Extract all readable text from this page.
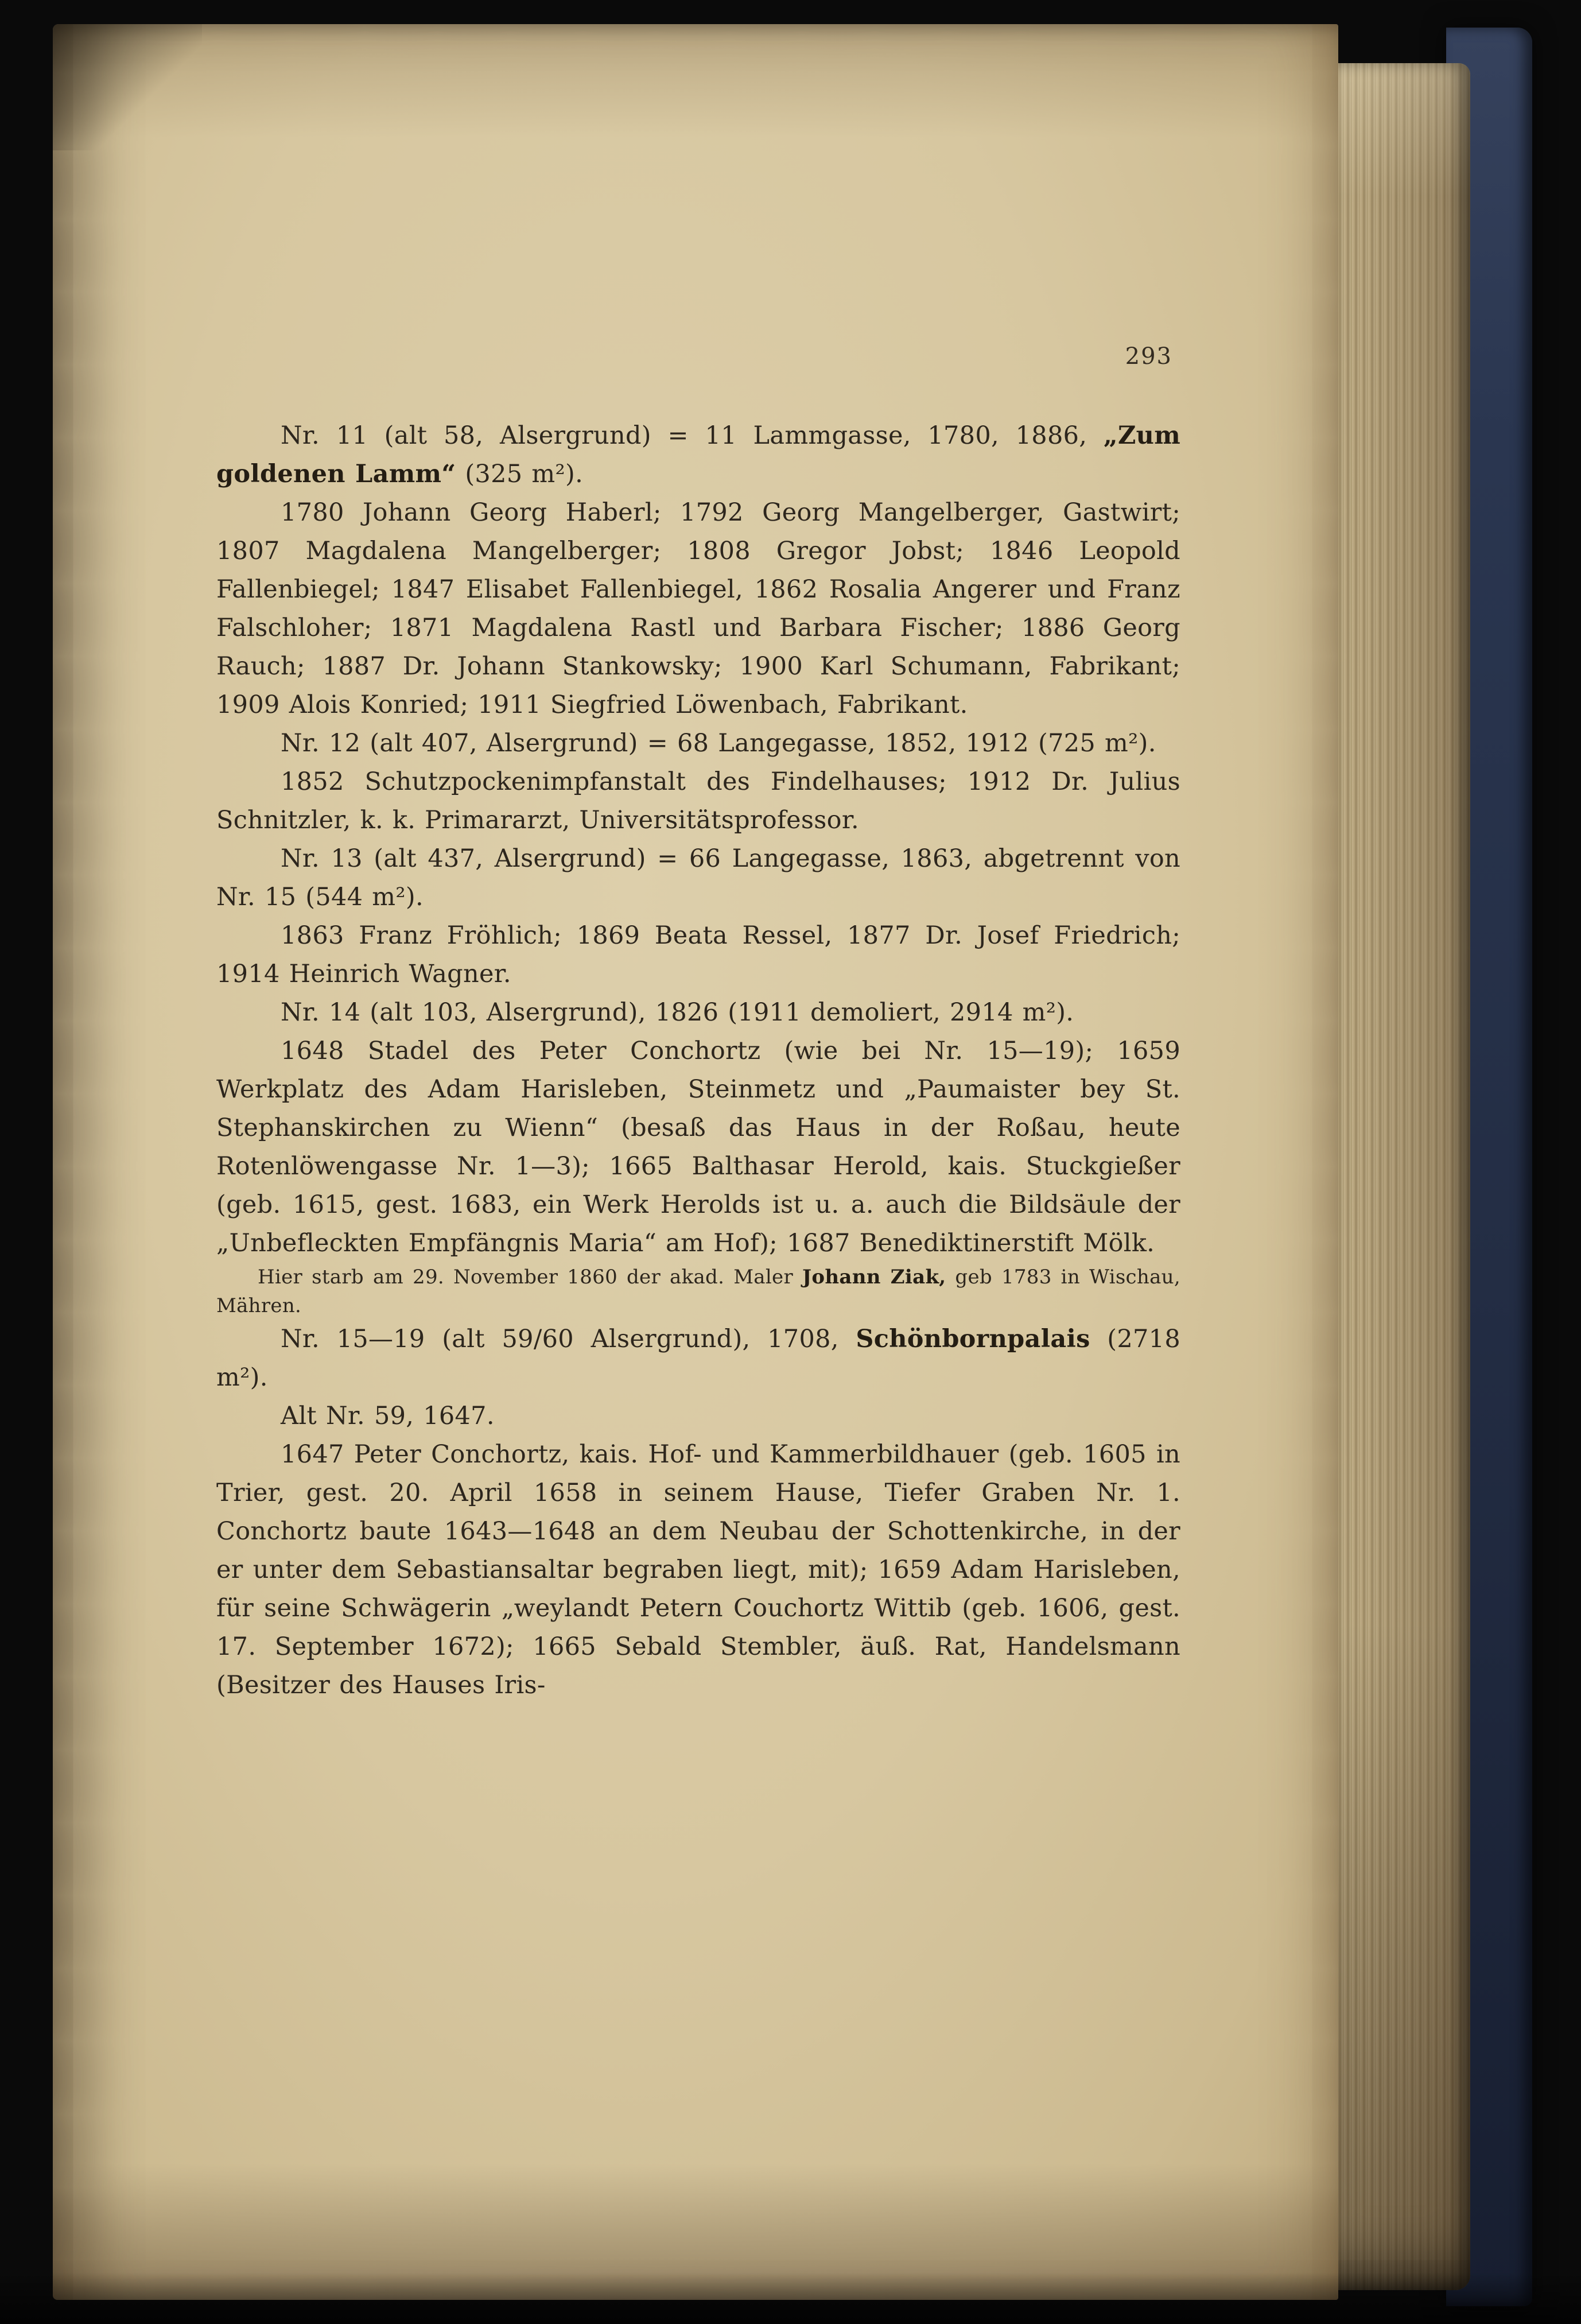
293

Nr. 11 (alt 58, Alsergrund) = 11 Lammgasse, 1780, 1886, „Zum goldenen Lamm“ (325 m²).

1780 Johann Georg Haberl; 1792 Georg Mangelberger, Gastwirt; 1807 Magdalena Mangelberger; 1808 Gregor Jobst; 1846 Leopold Fallenbiegel; 1847 Elisabet Fallenbiegel, 1862 Rosalia Angerer und Franz Falschloher; 1871 Magdalena Rastl und Barbara Fischer; 1886 Georg Rauch; 1887 Dr. Johann Stankowsky; 1900 Karl Schumann, Fabrikant; 1909 Alois Konried; 1911 Siegfried Löwenbach, Fabrikant.

Nr. 12 (alt 407, Alsergrund) = 68 Langegasse, 1852, 1912 (725 m²).

1852 Schutzpockenimpfanstalt des Findelhauses; 1912 Dr. Julius Schnitzler, k. k. Primararzt, Universitätsprofessor.

Nr. 13 (alt 437, Alsergrund) = 66 Langegasse, 1863, abgetrennt von Nr. 15 (544 m²).

1863 Franz Fröhlich; 1869 Beata Ressel, 1877 Dr. Josef Friedrich; 1914 Heinrich Wagner.

Nr. 14 (alt 103, Alsergrund), 1826 (1911 demoliert, 2914 m²).

1648 Stadel des Peter Conchortz (wie bei Nr. 15—19); 1659 Werkplatz des Adam Harisleben, Steinmetz und „Paumaister bey St. Stephanskirchen zu Wienn“ (besaß das Haus in der Roßau, heute Rotenlöwengasse Nr. 1—3); 1665 Balthasar Herold, kais. Stuckgießer (geb. 1615, gest. 1683, ein Werk Herolds ist u. a. auch die Bildsäule der „Unbefleckten Empfängnis Maria“ am Hof); 1687 Benediktinerstift Mölk.

Hier starb am 29. November 1860 der akad. Maler Johann Ziak, geb 1783 in Wischau, Mähren.

Nr. 15—19 (alt 59/60 Alsergrund), 1708, Schönbornpalais (2718 m²).

Alt Nr. 59, 1647.

1647 Peter Conchortz, kais. Hof- und Kammerbildhauer (geb. 1605 in Trier, gest. 20. April 1658 in seinem Hause, Tiefer Graben Nr. 1. Conchortz baute 1643—1648 an dem Neubau der Schottenkirche, in der er unter dem Sebastiansaltar begraben liegt, mit); 1659 Adam Harisleben, für seine Schwägerin „weylandt Petern Couchortz Wittib (geb. 1606, gest. 17. September 1672); 1665 Sebald Stembler, äuß. Rat, Handelsmann (Besitzer des Hauses Iris-
